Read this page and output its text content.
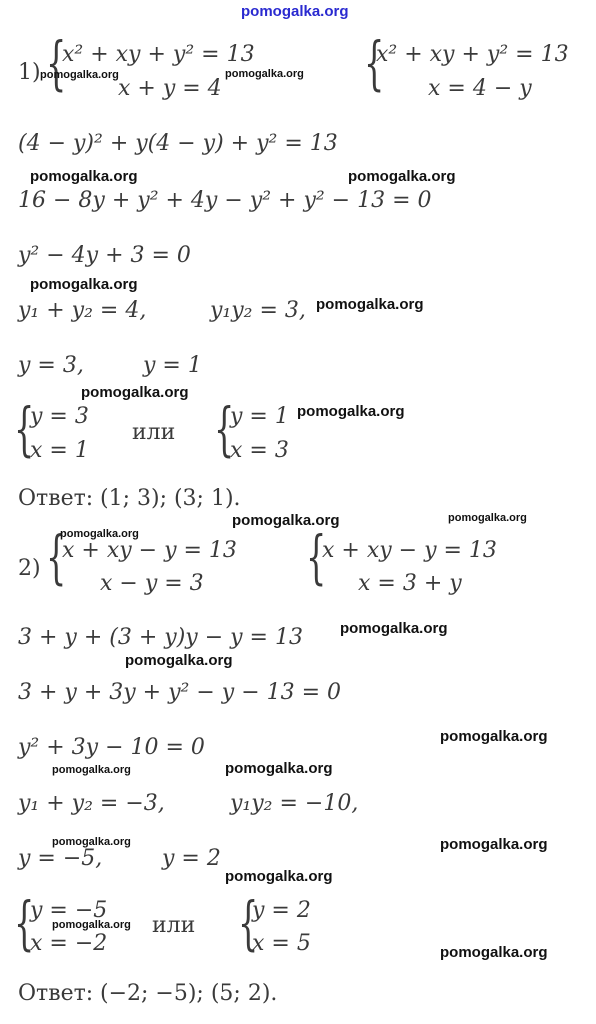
pomogalka.org
1) {
x² + xy + y² = 13
x + y = 4 {
x² + xy + y² = 13
x = 4 − y
(4 − y)² + y(4 − y) + y² = 13
16 − 8y + y² + 4y − y² + y² − 13 = 0
y² − 4y + 3 = 0
y₁ + y₂ = 4,	y₁y₂ = 3,
y = 3,	y = 1
{
y = 3
x = 1
или {
y = 1
x = 3
Ответ: (1; 3); (3; 1).
2) {
x + xy − y = 13
x − y = 3 {
x + xy − y = 13
x = 3 + y
3 + y + (3 + y)y − y = 13
3 + y + 3y + y² − y − 13 = 0
y² + 3y − 10 = 0
y₁ + y₂ = −3,	y₁y₂ = −10,
y = −5,	y = 2
{
y = −5
x = −2
или {
y = 2
x = 5
Ответ: (−2; −5); (5; 2).
pomogalka.org	pomogalka.org
pomogalka.org	pomogalka.org
pomogalka.org
pomogalka.org
pomogalka.org
pomogalka.org
pomogalka.org	pomogalka.org
pomogalka.org
pomogalka.org
pomogalka.org
pomogalka.org
pomogalka.org	pomogalka.org
pomogalka.org	pomogalka.org
pomogalka.org
pomogalka.org
pomogalka.org
